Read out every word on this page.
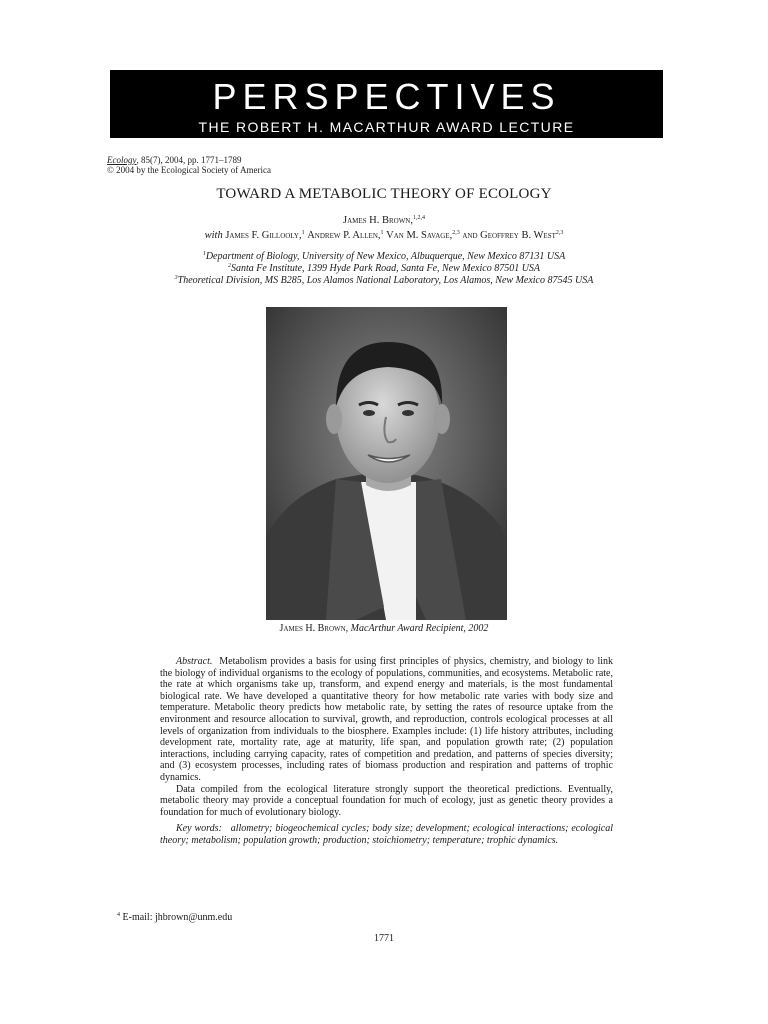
PERSPECTIVES
THE ROBERT H. MACARTHUR AWARD LECTURE
Ecology, 85(7), 2004, pp. 1771–1789
© 2004 by the Ecological Society of America
TOWARD A METABOLIC THEORY OF ECOLOGY
James H. Brown,$^{1,2,4}$
with James F. Gillooly,$^1$ Andrew P. Allen,$^1$ Van M. Savage,$^{2,3}$ and Geoffrey B. West$^{2,3}$
$^1$Department of Biology, University of New Mexico, Albuquerque, New Mexico 87131 USA
$^2$Santa Fe Institute, 1399 Hyde Park Road, Santa Fe, New Mexico 87501 USA
$^3$Theoretical Division, MS B285, Los Alamos National Laboratory, Los Alamos, New Mexico 87545 USA
James H. Brown, MacArthur Award Recipient, 2002

Abstract. Metabolism provides a basis for using first principles of physics, chemistry, and biology to link the biology of individual organisms to the ecology of populations, communities, and ecosystems. Metabolic rate, the rate at which organisms take up, transform, and expend energy and materials, is the most fundamental biological rate. We have developed a quantitative theory for how metabolic rate varies with body size and temperature. Metabolic theory predicts how metabolic rate, by setting the rates of resource uptake from the environment and resource allocation to survival, growth, and reproduction, controls ecological processes at all levels of organization from individuals to the biosphere. Examples include: (1) life history attributes, including development rate, mortality rate, age at maturity, life span, and population growth rate; (2) population interactions, including carrying capacity, rates of competition and predation, and patterns of species diversity; and (3) ecosystem processes, including rates of biomass production and respiration and patterns of trophic dynamics.

Data compiled from the ecological literature strongly support the theoretical predictions. Eventually, metabolic theory may provide a conceptual foundation for much of ecology, just as genetic theory provides a foundation for much of evolutionary biology.

Key words: allometry; biogeochemical cycles; body size; development; ecological interactions; ecological theory; metabolism; population growth; production; stoichiometry; temperature; trophic dynamics.

$^4$ E-mail: jhbrown@unm.edu
1771
